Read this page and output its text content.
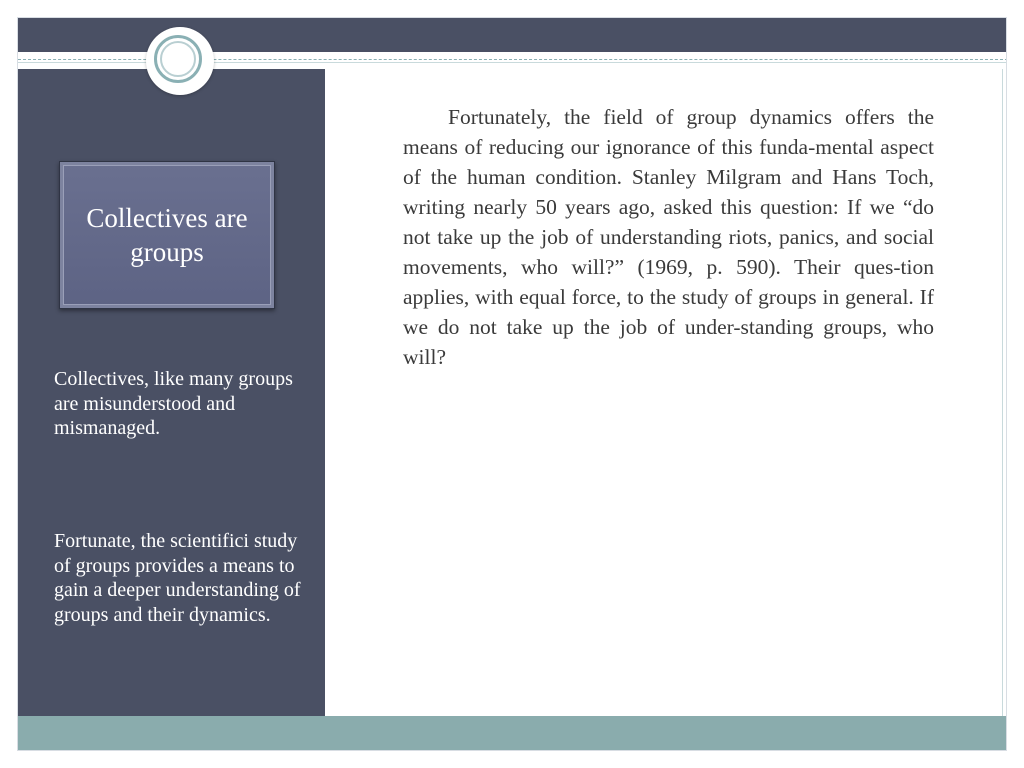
Collectives are groups

Collectives, like many groups are misunderstood and mismanaged.

Fortunate, the scientifici study of groups provides a means to gain a deeper understanding of groups and their dynamics.

Fortunately, the field of group dynamics offers the means of reducing our ignorance of this funda-mental aspect of the human condition. Stanley Milgram and Hans Toch, writing nearly 50 years ago, asked this question: If we “do not take up the job of understanding riots, panics, and social movements, who will?” (1969, p. 590). Their ques-tion applies, with equal force, to the study of groups in general. If we do not take up the job of under-standing groups, who will?
